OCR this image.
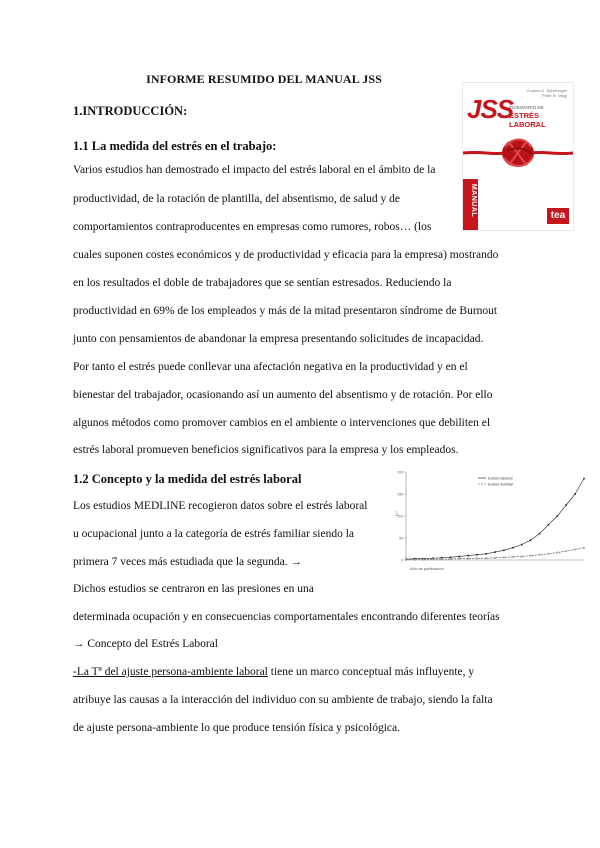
INFORME RESUMIDO DEL MANUAL JSS
1.INTRODUCCIÓN:
1.1 La medida del estrés en el trabajo:
Varios estudios han demostrado el impacto del estrés laboral en el ámbito de la
productividad, de la rotación de plantilla, del absentismo, de salud y de
comportamientos contraproducentes en empresas como rumores, robos… (los
cuales suponen costes económicos y de productividad y eficacia para la empresa) mostrando
en los resultados el doble de trabajadores que se sentían estresados. Reduciendo la
productividad en 69% de los empleados y más de la mitad presentaron síndrome de Burnout
junto con pensamientos de abandonar la empresa presentando solicitudes de incapacidad.
Por tanto el estrés puede conllevar una afectación negativa en la productividad y en el
bienestar del trabajador, ocasionando así un aumento del absentismo y de rotación. Por ello
algunos métodos como promover cambios en el ambiente o intervenciones que debiliten el
estrés laboral promueven beneficios significativos para la empresa y los empleados.
1.2 Concepto y la medida del estrés laboral
Los estudios MEDLINE recogieron datos sobre el estrés laboral
u ocupacional junto a la categoría de estrés familiar siendo la
primera 7 veces más estudiada que la segunda. →
Dichos estudios se centraron en las presiones en una
determinada ocupación y en consecuencias comportamentales encontrando diferentes teorías
→ Concepto del Estrés Laboral
-La Tª del ajuste persona-ambiente laboral tiene un marco conceptual más influyente, y
atribuye las causas a la interacción del individuo con su ambiente de trabajo, siendo la falta
de ajuste persona-ambiente lo que produce tensión física y psicológica.
Charles D. Spielberger
Peter R. Vagg
JSS
INVENTARIO DE
ESTRÉS LABORAL
MANUAL	tea
0
50
100
150
200
N.º
Año de publicación
Estrés laboral
Estrés familiar
